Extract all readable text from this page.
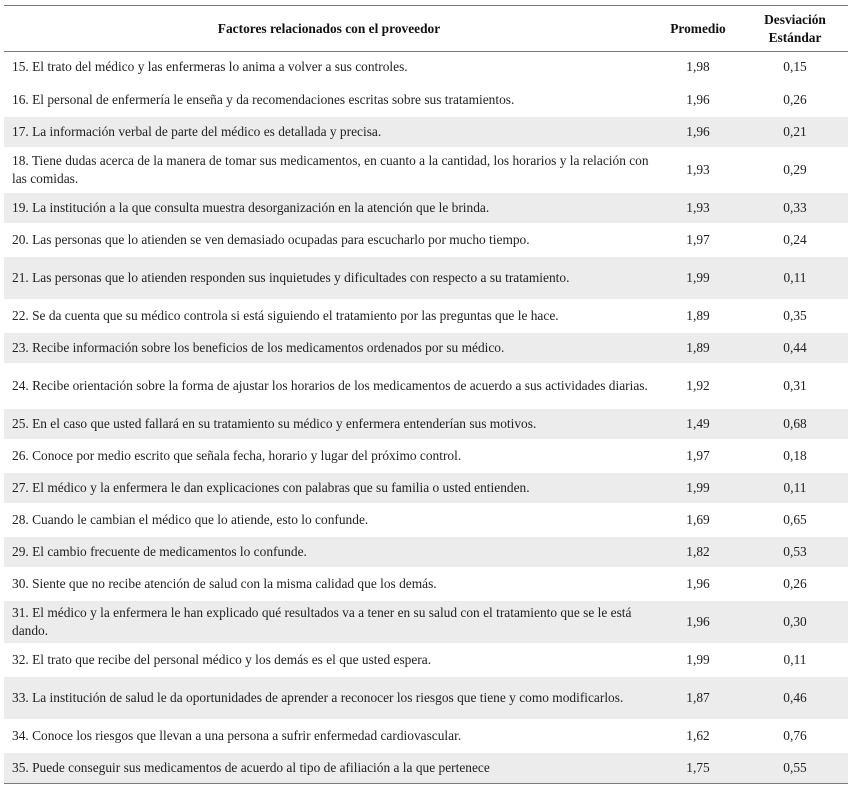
Factores relacionados con el proveedor	Promedio	Desviación
Estándar
15. El trato del médico y las enfermeras lo anima a volver a sus controles.	1,98	0,15
16. El personal de enfermería le enseña y da recomendaciones escritas sobre sus tratamientos.	1,96	0,26
17. La información verbal de parte del médico es detallada y precisa.	1,96	0,21
18. Tiene dudas acerca de la manera de tomar sus medicamentos, en cuanto a la cantidad, los horarios y la relación con las comidas.	1,93	0,29
19. La institución a la que consulta muestra desorganización en la atención que le brinda.	1,93	0,33
20. Las personas que lo atienden se ven demasiado ocupadas para escucharlo por mucho tiempo.	1,97	0,24
21. Las personas que lo atienden responden sus inquietudes y dificultades con respecto a su tratamiento.	1,99	0,11
22. Se da cuenta que su médico controla si está siguiendo el tratamiento por las preguntas que le hace.	1,89	0,35
23. Recibe información sobre los beneficios de los medicamentos ordenados por su médico.	1,89	0,44
24. Recibe orientación sobre la forma de ajustar los horarios de los medicamentos de acuerdo a sus actividades diarias.	1,92	0,31
25. En el caso que usted fallará en su tratamiento su médico y enfermera entenderían sus motivos.	1,49	0,68
26. Conoce por medio escrito que señala fecha, horario y lugar del próximo control.	1,97	0,18
27. El médico y la enfermera le dan explicaciones con palabras que su familia o usted entienden.	1,99	0,11
28. Cuando le cambian el médico que lo atiende, esto lo confunde.	1,69	0,65
29. El cambio frecuente de medicamentos lo confunde.	1,82	0,53
30. Siente que no recibe atención de salud con la misma calidad que los demás.	1,96	0,26
31. El médico y la enfermera le han explicado qué resultados va a tener en su salud con el tratamiento que se le está dando.	1,96	0,30
32. El trato que recibe del personal médico y los demás es el que usted espera.	1,99	0,11
33. La institución de salud le da oportunidades de aprender a reconocer los riesgos que tiene y como modificarlos.	1,87	0,46
34. Conoce los riesgos que llevan a una persona a sufrir enfermedad cardiovascular.	1,62	0,76
35. Puede conseguir sus medicamentos de acuerdo al tipo de afiliación a la que pertenece	1,75	0,55
